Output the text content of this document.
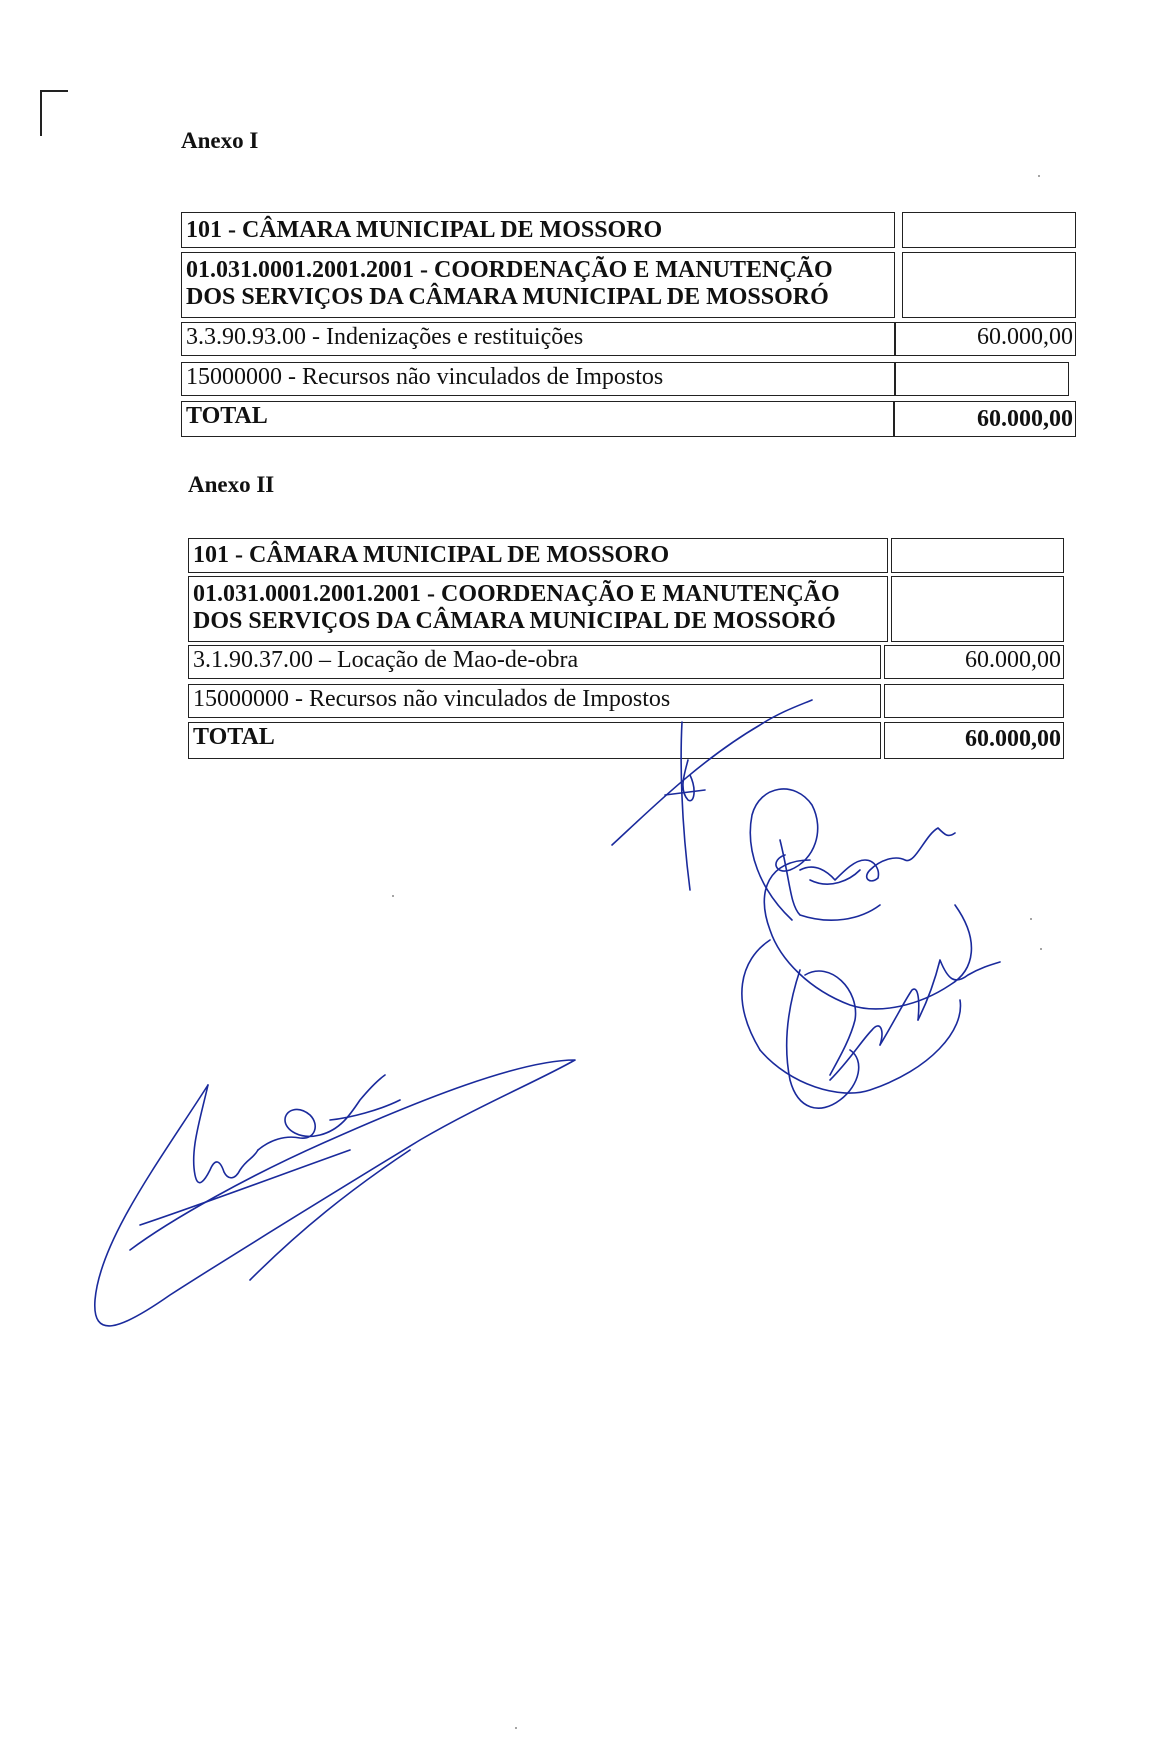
Anexo I
101 - CÂMARA MUNICIPAL DE MOSSORO
01.031.0001.2001.2001 - COORDENAÇÃO E MANUTENÇÃO
DOS SERVIÇOS DA CÂMARA MUNICIPAL DE MOSSORÓ
3.3.90.93.00 - Indenizações e restituições	60.000,00
15000000 - Recursos não vinculados de Impostos
TOTAL	60.000,00
Anexo II
101 - CÂMARA MUNICIPAL DE MOSSORO
01.031.0001.2001.2001 - COORDENAÇÃO E MANUTENÇÃO
DOS SERVIÇOS DA CÂMARA MUNICIPAL DE MOSSORÓ
3.1.90.37.00 – Locação de Mao-de-obra	60.000,00
15000000 - Recursos não vinculados de Impostos
TOTAL	60.000,00
